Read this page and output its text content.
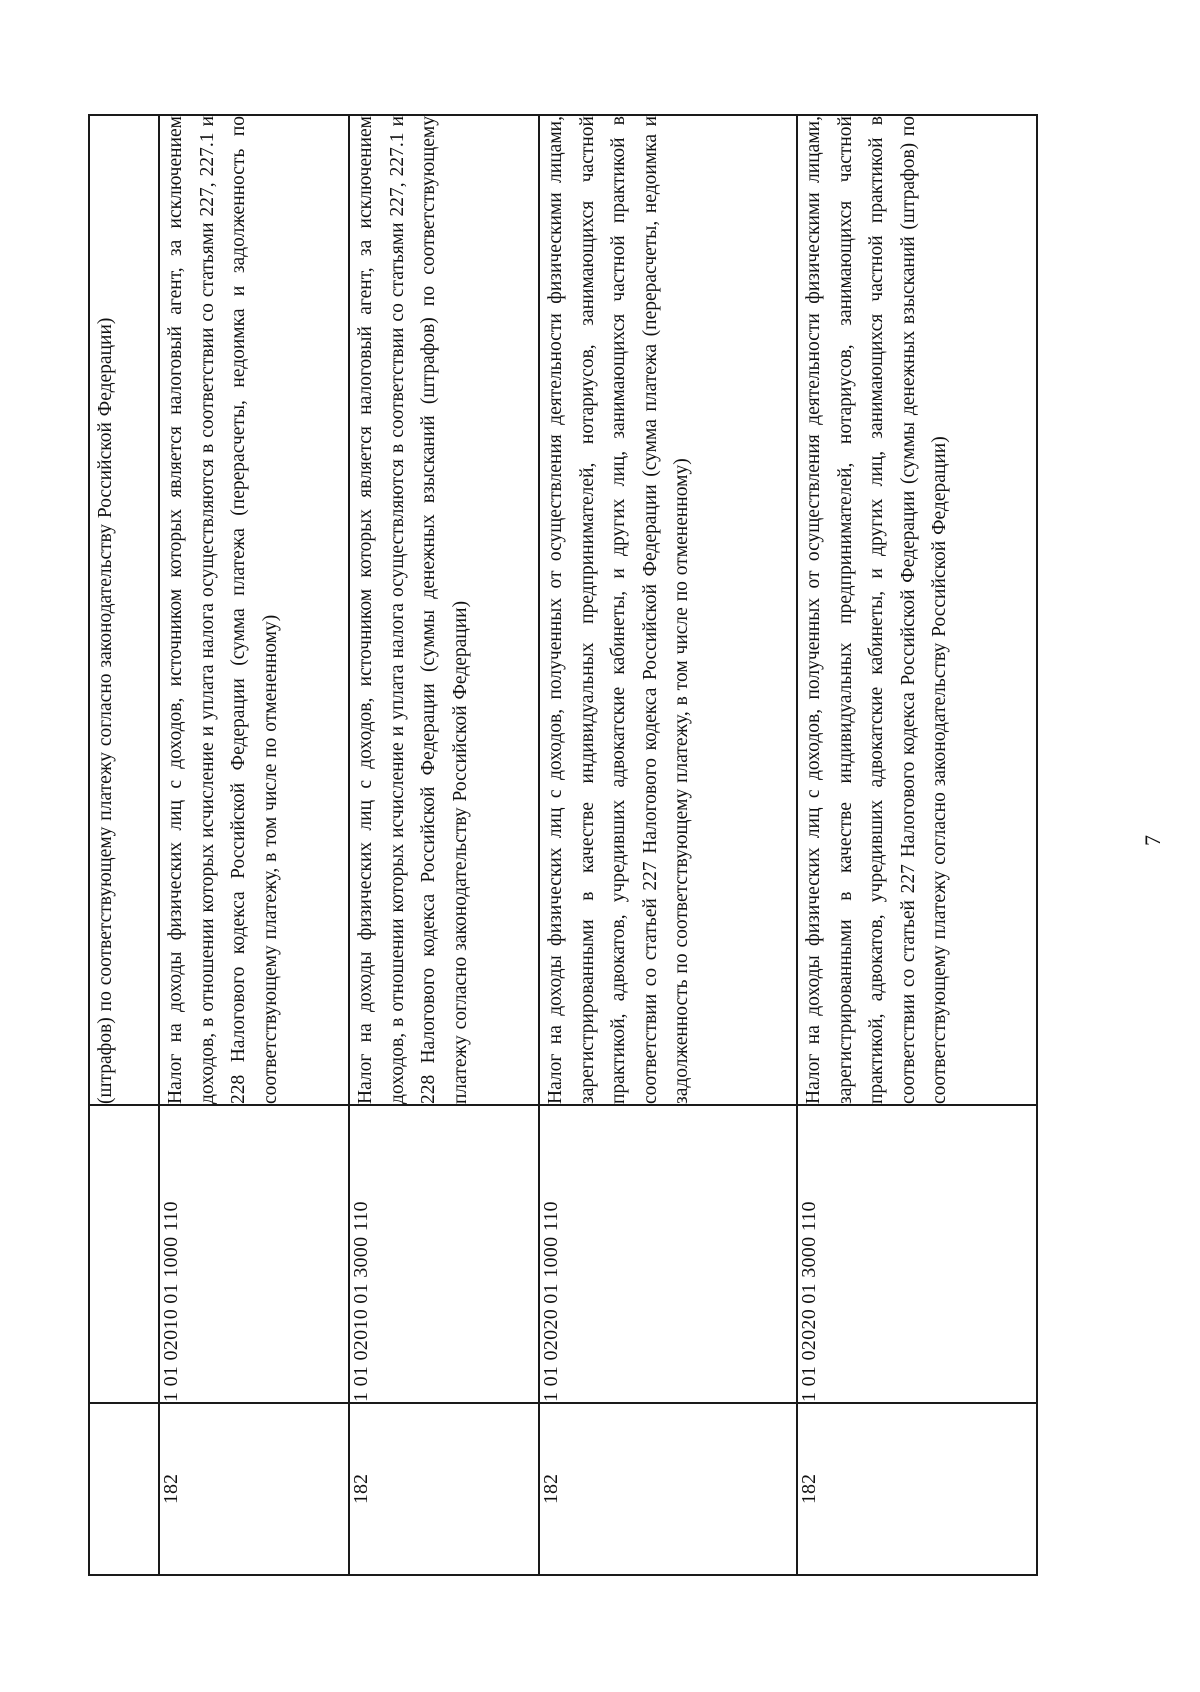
		(штрафов) по соответствующему платежу согласно законодательству Российской Федерации)
182	1 01 02010 01 1000 110	Налог на доходы физических лиц с доходов, источником которых является налоговый агент, за исключением доходов, в отношении которых исчисление и уплата налога осуществляются в соответствии со статьями 227, 227.1 и 228 Налогового кодекса Российской Федерации (сумма платежа (перерасчеты, недоимка и задолженность по соответствующему платежу, в том числе по отмененному)
182	1 01 02010 01 3000 110	Налог на доходы физических лиц с доходов, источником которых является налоговый агент, за исключением доходов, в отношении которых исчисление и уплата налога осуществляются в соответствии со статьями 227, 227.1 и 228 Налогового кодекса Российской Федерации (суммы денежных взысканий (штрафов) по соответствующему платежу согласно законодательству Российской Федерации)
182	1 01 02020 01 1000 110	Налог на доходы физических лиц с доходов, полученных от осуществления деятельности физическими лицами, зарегистрированными в качестве индивидуальных предпринимателей, нотариусов, занимающихся частной практикой, адвокатов, учредивших адвокатские кабинеты, и других лиц, занимающихся частной практикой в соответствии со статьей 227 Налогового кодекса Российской Федерации (сумма платежа (перерасчеты, недоимка и задолженность по соответствующему платежу, в том числе по отмененному)
182	1 01 02020 01 3000 110	Налог на доходы физических лиц с доходов, полученных от осуществления деятельности физическими лицами, зарегистрированными в качестве индивидуальных предпринимателей, нотариусов, занимающихся частной практикой, адвокатов, учредивших адвокатские кабинеты, и других лиц, занимающихся частной практикой в соответствии со статьей 227 Налогового кодекса Российской Федерации (суммы денежных взысканий (штрафов) по соответствующему платежу согласно законодательству Российской Федерации)	7
